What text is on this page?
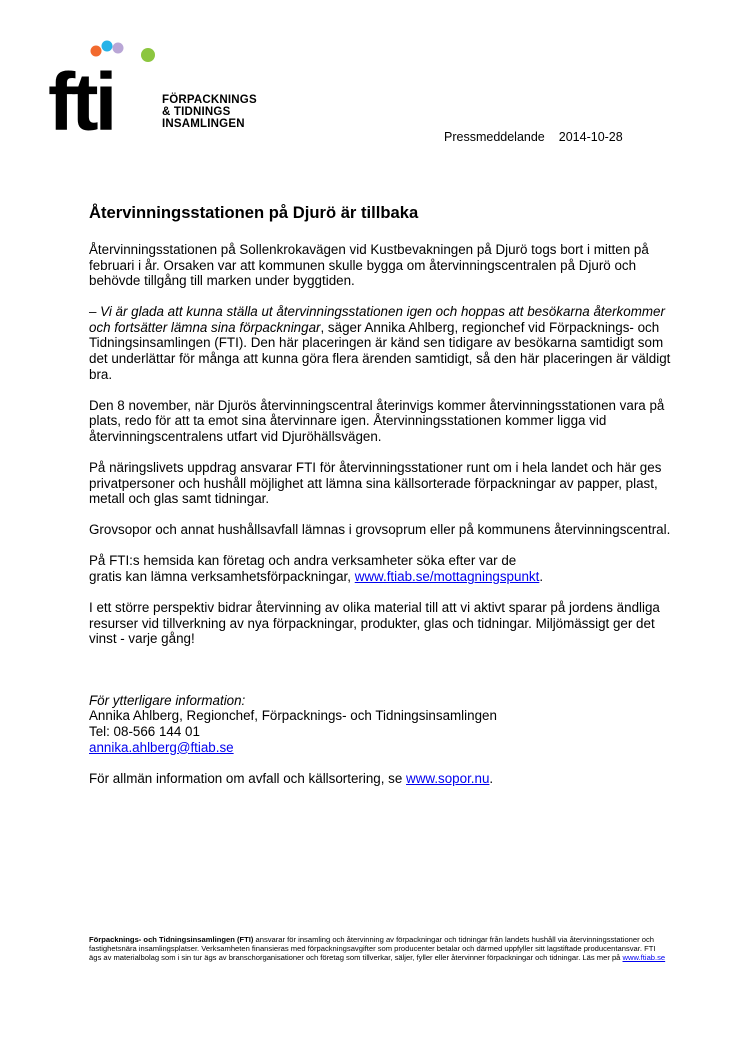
fti	FÖRPACKNINGS
& TIDNINGS
INSAMLINGEN
Pressmeddelande 2014-10-28
Återvinningsstationen på Djurö är tillbaka

Återvinningsstationen på Sollenkrokavägen vid Kustbevakningen på Djurö togs bort i mitten på februari i år. Orsaken var att kommunen skulle bygga om återvinningscentralen på Djurö och behövde tillgång till marken under byggtiden.

– Vi är glada att kunna ställa ut återvinningsstationen igen och hoppas att besökarna återkommer och fortsätter lämna sina förpackningar, säger Annika Ahlberg, regionchef vid Förpacknings- och Tidningsinsamlingen (FTI). Den här placeringen är känd sen tidigare av besökarna samtidigt som det underlättar för många att kunna göra flera ärenden samtidigt, så den här placeringen är väldigt bra.

Den 8 november, när Djurös återvinningscentral återinvigs kommer återvinningsstationen vara på plats, redo för att ta emot sina återvinnare igen. Återvinningsstationen kommer ligga vid återvinningscentralens utfart vid Djuröhällsvägen.

På näringslivets uppdrag ansvarar FTI för återvinningsstationer runt om i hela landet och här ges privatpersoner och hushåll möjlighet att lämna sina källsorterade förpackningar av papper, plast, metall och glas samt tidningar.

Grovsopor och annat hushållsavfall lämnas i grovsoprum eller på kommunens återvinningscentral.

På FTI:s hemsida kan företag och andra verksamheter söka efter var de
gratis kan lämna verksamhetsförpackningar, www.ftiab.se/mottagningspunkt.

I ett större perspektiv bidrar återvinning av olika material till att vi aktivt sparar på jordens ändliga resurser vid tillverkning av nya förpackningar, produkter, glas och tidningar. Miljömässigt ger det vinst - varje gång!

För ytterligare information:
Annika Ahlberg, Regionchef, Förpacknings- och Tidningsinsamlingen
Tel: 08-566 144 01
annika.ahlberg@ftiab.se
För allmän information om avfall och källsortering, se www.sopor.nu.
Förpacknings- och Tidningsinsamlingen (FTI) ansvarar för insamling och återvinning av förpackningar och tidningar från landets hushåll via återvinningsstationer och fastighetsnära insamlingsplatser. Verksamheten finansieras med förpackningsavgifter som producenter betalar och därmed uppfyller sitt lagstiftade producentansvar. FTI ägs av materialbolag som i sin tur ägs av branschorganisationer och företag som tillverkar, säljer, fyller eller återvinner förpackningar och tidningar. Läs mer på www.ftiab.se
